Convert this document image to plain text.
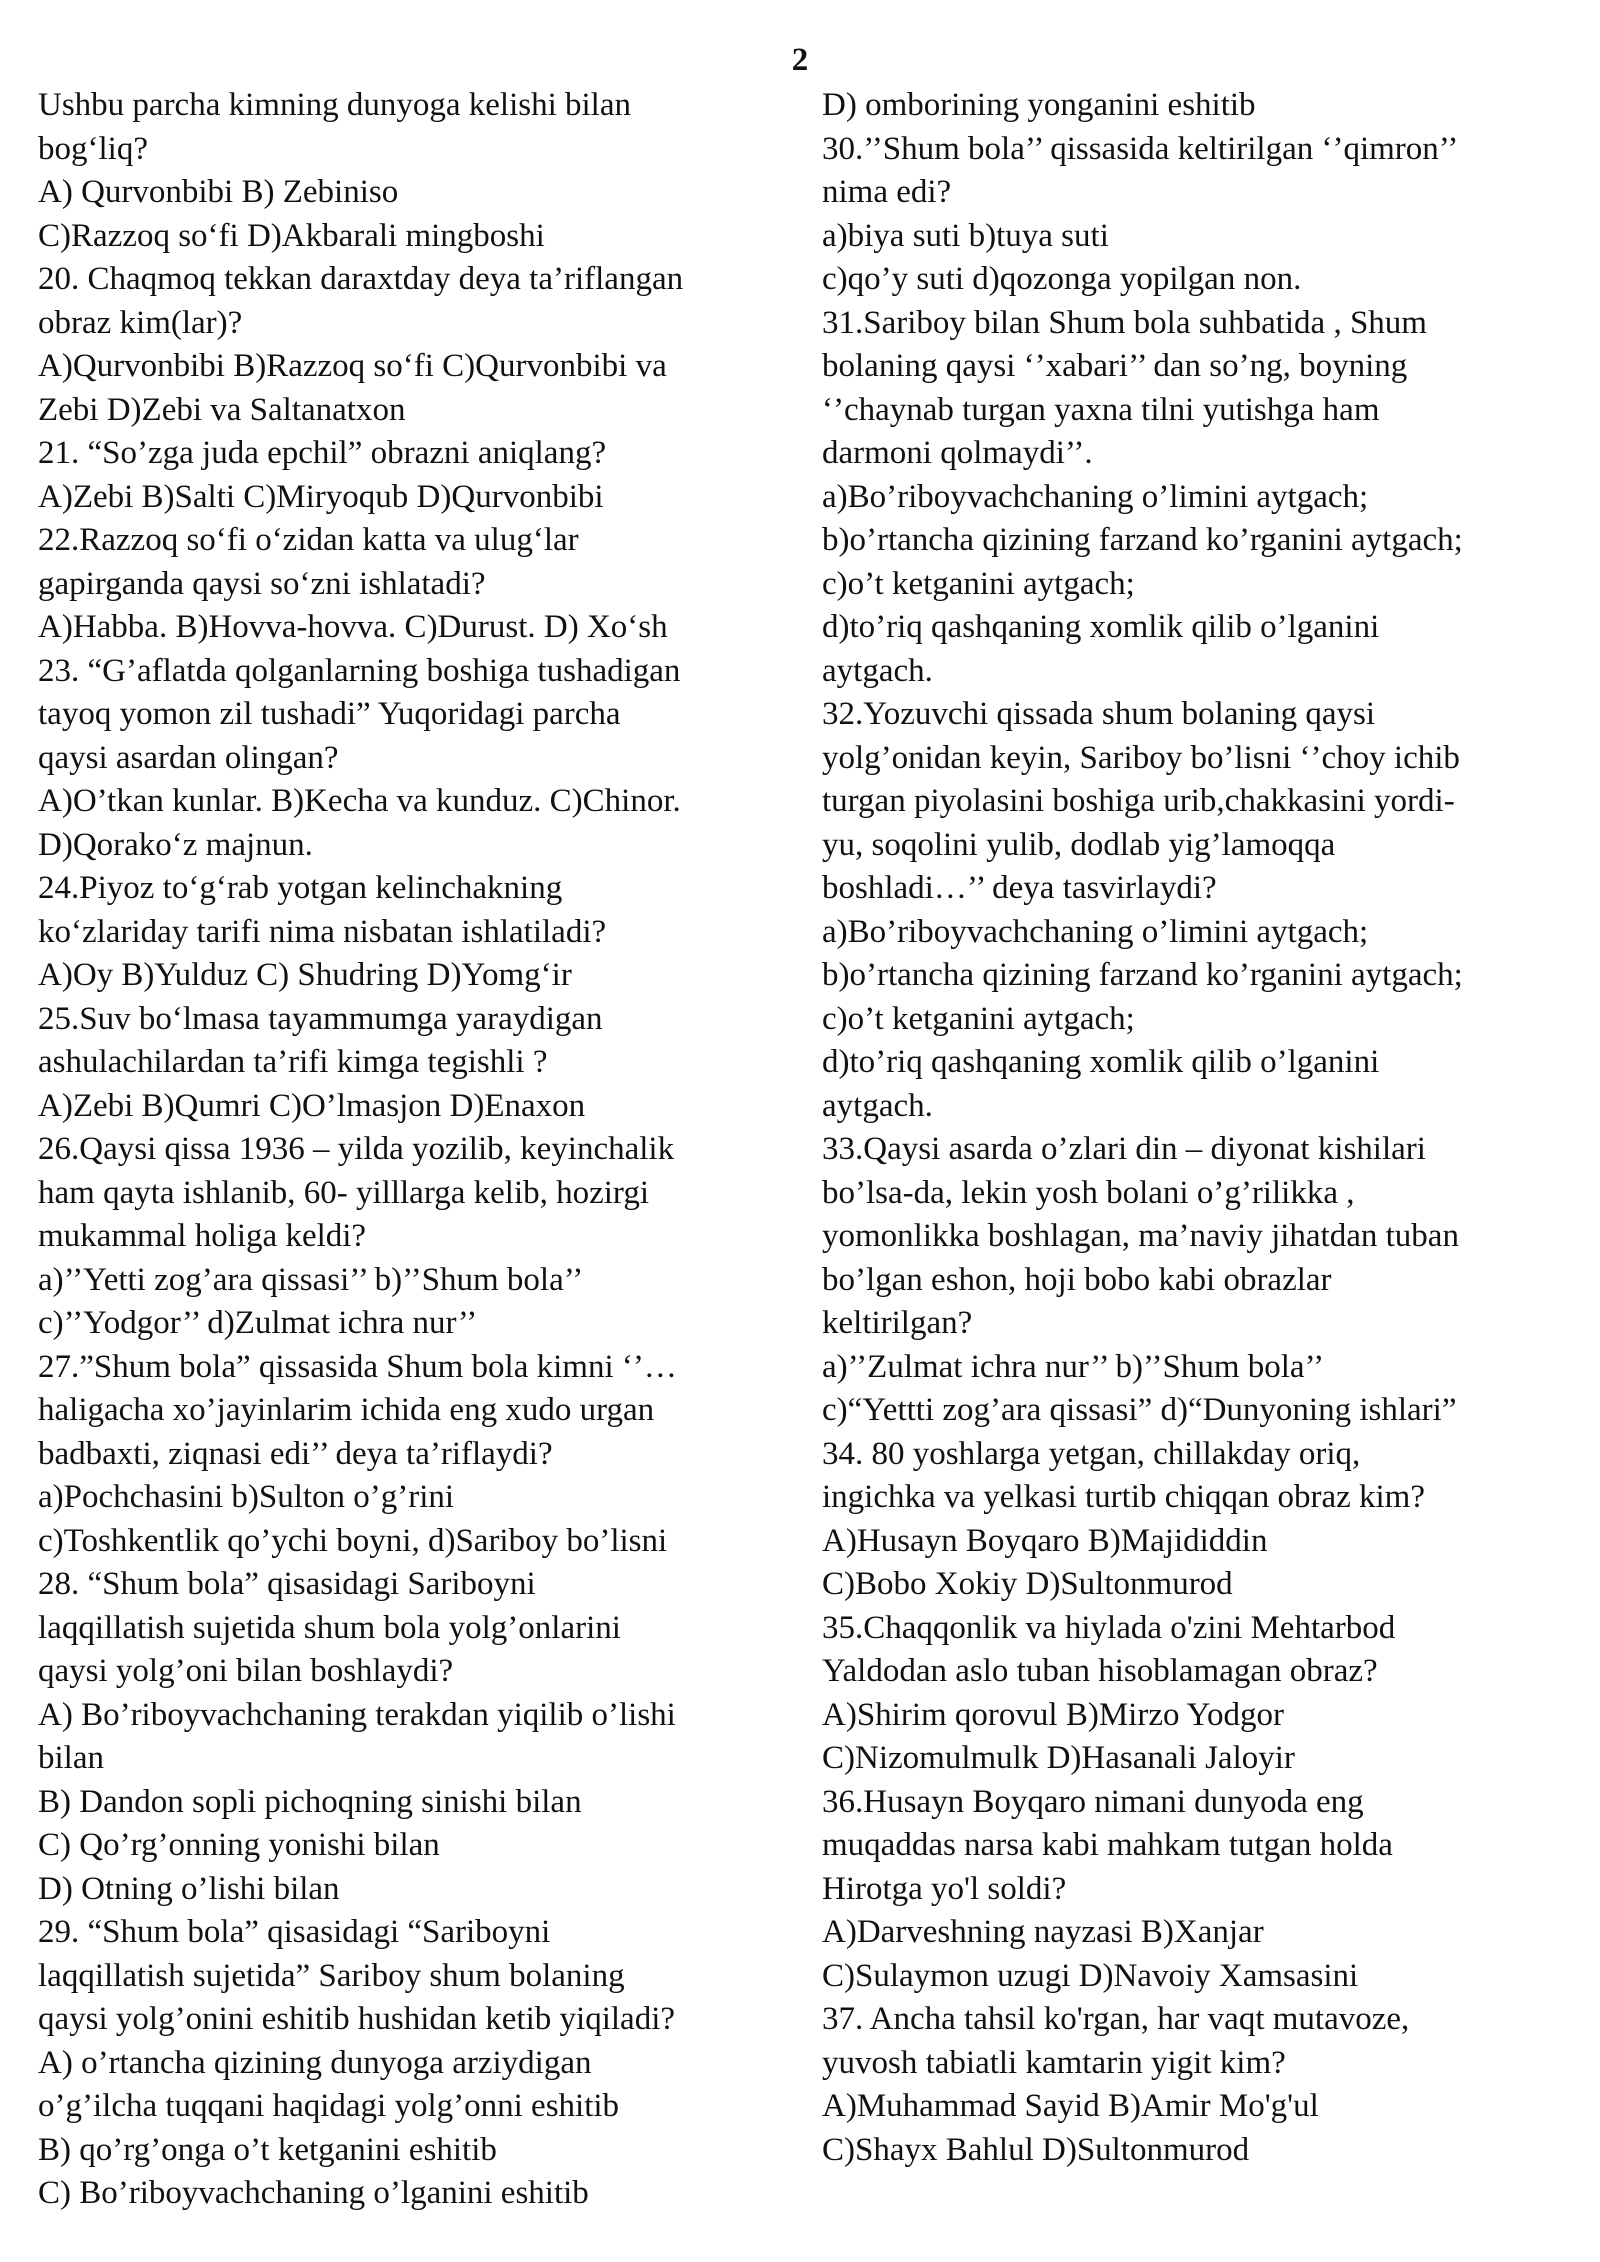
2
Ushbu parcha kimning dunyoga kelishi bilan
bog‘liq?
A) Qurvonbibi B) Zebiniso
C)Razzoq so‘fi D)Akbarali mingboshi
20. Chaqmoq tekkan daraxtday deya ta’riflangan
obraz kim(lar)?
A)Qurvonbibi B)Razzoq so‘fi C)Qurvonbibi va
Zebi D)Zebi va Saltanatxon
21. “So’zga juda epchil” obrazni aniqlang?
A)Zebi B)Salti C)Miryoqub D)Qurvonbibi
22.Razzoq so‘fi o‘zidan katta va ulug‘lar
gapirganda qaysi so‘zni ishlatadi?
A)Habba. B)Hovva-hovva. C)Durust. D) Xo‘sh
23. “G’aflatda qolganlarning boshiga tushadigan
tayoq yomon zil tushadi” Yuqoridagi parcha
qaysi asardan olingan?
A)O’tkan kunlar. B)Kecha va kunduz. C)Chinor.
D)Qorako‘z majnun.
24.Piyoz to‘g‘rab yotgan kelinchakning
ko‘zlariday tarifi nima nisbatan ishlatiladi?
A)Oy B)Yulduz C) Shudring D)Yomg‘ir
25.Suv bo‘lmasa tayammumga yaraydigan
ashulachilardan ta’rifi kimga tegishli ?
A)Zebi B)Qumri C)O’lmasjon D)Enaxon
26.Qaysi qissa 1936 – yilda yozilib, keyinchalik
ham qayta ishlanib, 60- yilllarga kelib, hozirgi
mukammal holiga keldi?
a)’’Yetti zog’ara qissasi’’ b)’’Shum bola’’
c)’’Yodgor’’ d)Zulmat ichra nur’’
27.”Shum bola” qissasida Shum bola kimni ‘’…
haligacha xo’jayinlarim ichida eng xudo urgan
badbaxti, ziqnasi edi’’ deya ta’riflaydi?
a)Pochchasini b)Sulton o’g’rini
c)Toshkentlik qo’ychi boyni, d)Sariboy bo’lisni
28. “Shum bola” qisasidagi Sariboyni
laqqillatish sujetida shum bola yolg’onlarini
qaysi yolg’oni bilan boshlaydi?
A) Bo’riboyvachchaning terakdan yiqilib o’lishi
bilan
B) Dandon sopli pichoqning sinishi bilan
C) Qo’rg’onning yonishi bilan
D) Otning o’lishi bilan
29. “Shum bola” qisasidagi “Sariboyni
laqqillatish sujetida” Sariboy shum bolaning
qaysi yolg’onini eshitib hushidan ketib yiqiladi?
A) o’rtancha qizining dunyoga arziydigan
o’g’ilcha tuqqani haqidagi yolg’onni eshitib
B) qo’rg’onga o’t ketganini eshitib
C) Bo’riboyvachchaning o’lganini eshitib
D) omborining yonganini eshitib
30.’’Shum bola’’ qissasida keltirilgan ‘’qimron’’
nima edi?
a)biya suti b)tuya suti
c)qo’y suti d)qozonga yopilgan non.
31.Sariboy bilan Shum bola suhbatida , Shum
bolaning qaysi ‘’xabari’’ dan so’ng, boyning
‘’chaynab turgan yaxna tilni yutishga ham
darmoni qolmaydi’’.
a)Bo’riboyvachchaning o’limini aytgach;
b)o’rtancha qizining farzand ko’rganini aytgach;
c)o’t ketganini aytgach;
d)to’riq qashqaning xomlik qilib o’lganini
aytgach.
32.Yozuvchi qissada shum bolaning qaysi
yolg’onidan keyin, Sariboy bo’lisni ‘’choy ichib
turgan piyolasini boshiga urib,chakkasini yordi-
yu, soqolini yulib, dodlab yig’lamoqqa
boshladi…’’ deya tasvirlaydi?
a)Bo’riboyvachchaning o’limini aytgach;
b)o’rtancha qizining farzand ko’rganini aytgach;
c)o’t ketganini aytgach;
d)to’riq qashqaning xomlik qilib o’lganini
aytgach.
33.Qaysi asarda o’zlari din – diyonat kishilari
bo’lsa-da, lekin yosh bolani o’g’rilikka ,
yomonlikka boshlagan, ma’naviy jihatdan tuban
bo’lgan eshon, hoji bobo kabi obrazlar
keltirilgan?
a)’’Zulmat ichra nur’’ b)’’Shum bola’’
c)“Yettti zog’ara qissasi” d)“Dunyoning ishlari”
34. 80 yoshlarga yetgan, chillakday oriq,
ingichka va yelkasi turtib chiqqan obraz kim?
A)Husayn Boyqaro B)Majididdin
C)Bobo Xokiy D)Sultonmurod
35.Chaqqonlik va hiylada o'zini Mehtarbod
Yaldodan aslo tuban hisoblamagan obraz?
A)Shirim qorovul B)Mirzo Yodgor
C)Nizomulmulk D)Hasanali Jaloyir
36.Husayn Boyqaro nimani dunyoda eng
muqaddas narsa kabi mahkam tutgan holda
Hirotga yo'l soldi?
A)Darveshning nayzasi B)Xanjar
C)Sulaymon uzugi D)Navoiy Xamsasini
37. Ancha tahsil ko'rgan, har vaqt mutavoze,
yuvosh tabiatli kamtarin yigit kim?
A)Muhammad Sayid B)Amir Mo'g'ul
C)Shayx Bahlul D)Sultonmurod
